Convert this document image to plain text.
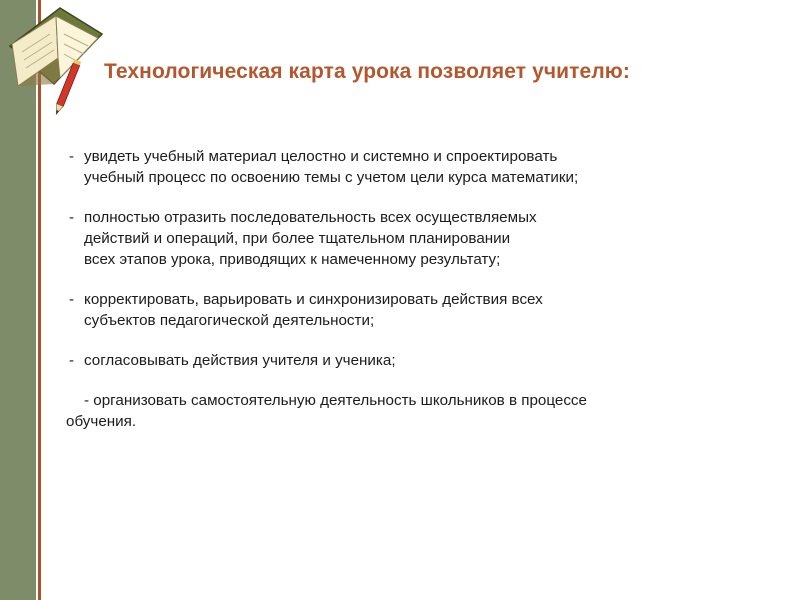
Технологическая карта урока позволяет учителю:
- увидеть учебный материал целостно и системно и спроектировать
учебный процесс по освоению темы с учетом цели курса математики;
- полностью отразить последовательность всех осуществляемых
действий и операций, при более тщательном планировании
всех этапов урока, приводящих к намеченному результату;
- корректировать, варьировать и синхронизировать действия всех
субъектов педагогической деятельности;
- согласовывать действия учителя и ученика;
- организовать самостоятельную деятельность школьников в процессе
обучения.
